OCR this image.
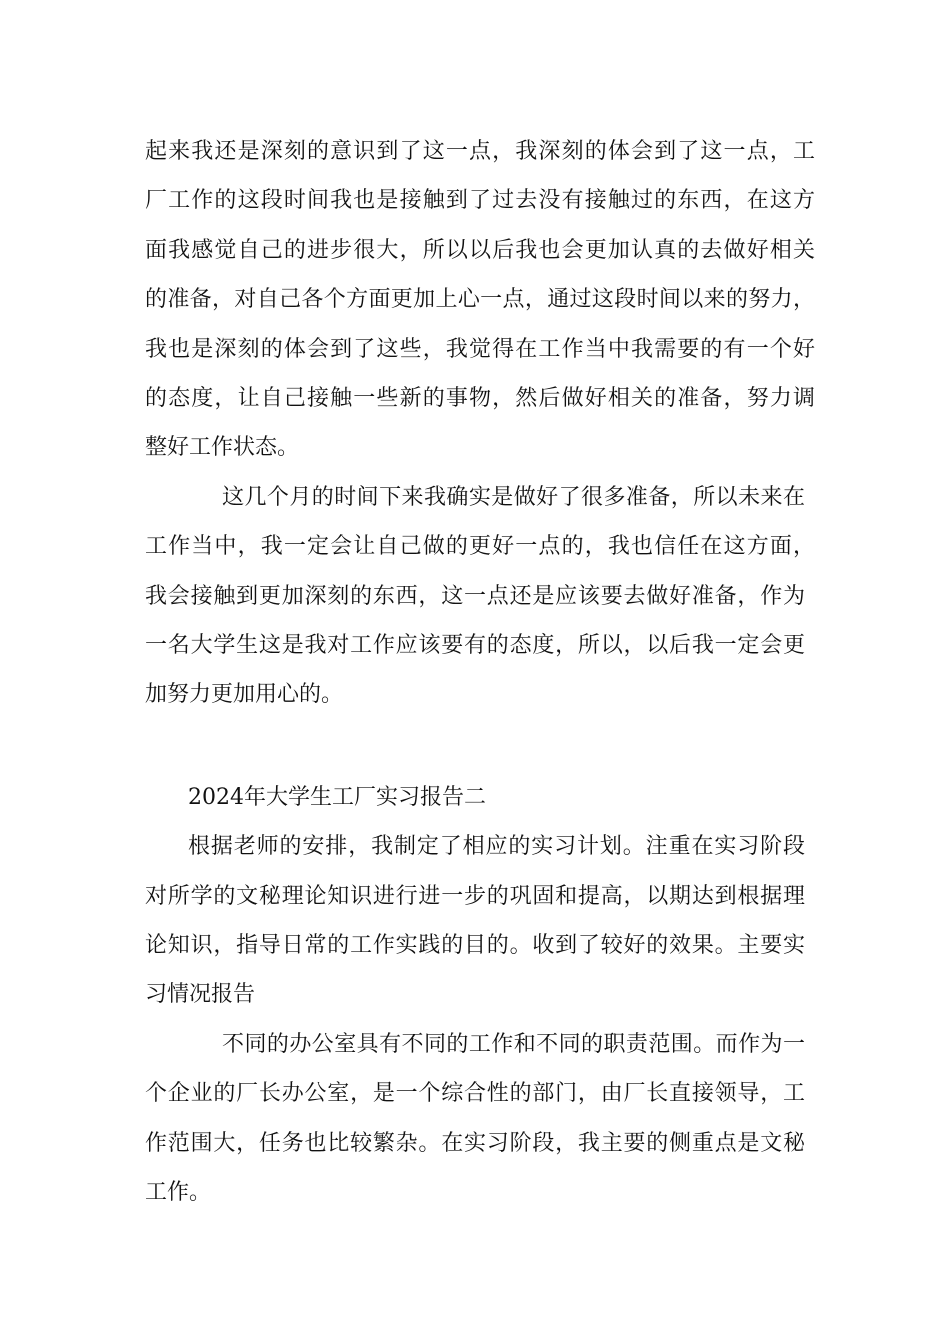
起来我还是深刻的意识到了这一点，我深刻的体会到了这一点，工
厂工作的这段时间我也是接触到了过去没有接触过的东西，在这方
面我感觉自己的进步很大，所以以后我也会更加认真的去做好相关
的准备，对自己各个方面更加上心一点，通过这段时间以来的努力，
我也是深刻的体会到了这些，我觉得在工作当中我需要的有一个好
的态度，让自己接触一些新的事物，然后做好相关的准备，努力调
整好工作状态。
这几个月的时间下来我确实是做好了很多准备，所以未来在
工作当中，我一定会让自己做的更好一点的，我也信任在这方面，
我会接触到更加深刻的东西，这一点还是应该要去做好准备，作为
一名大学生这是我对工作应该要有的态度，所以，以后我一定会更
加努力更加用心的。
2024年大学生工厂实习报告二
根据老师的安排，我制定了相应的实习计划。注重在实习阶段
对所学的文秘理论知识进行进一步的巩固和提高，以期达到根据理
论知识，指导日常的工作实践的目的。收到了较好的效果。主要实
习情况报告
不同的办公室具有不同的工作和不同的职责范围。而作为一
个企业的厂长办公室，是一个综合性的部门，由厂长直接领导，工
作范围大，任务也比较繁杂。在实习阶段，我主要的侧重点是文秘
工作。
